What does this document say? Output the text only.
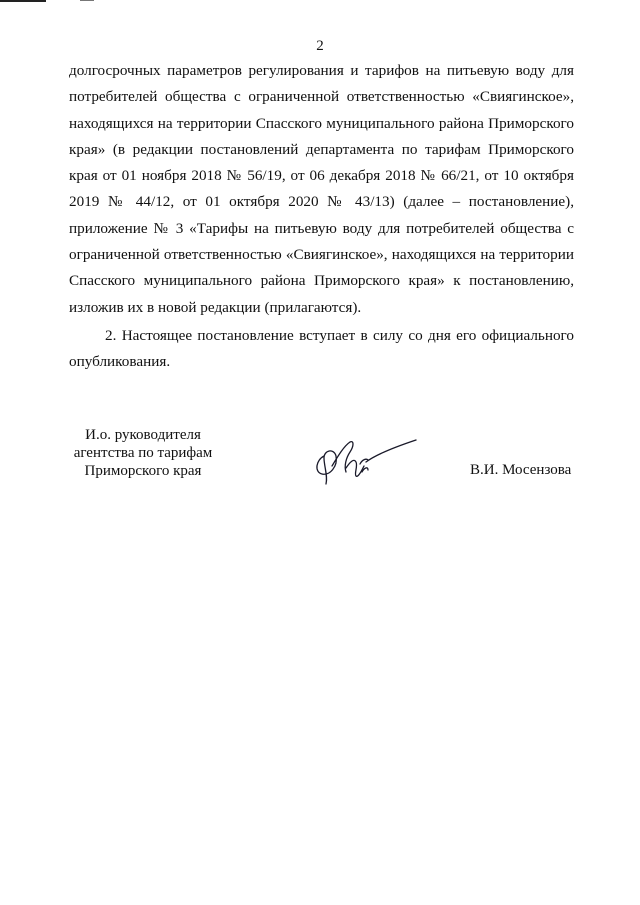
2

долгосрочных параметров регулирования и тарифов на питьевую воду для потребителей общества с ограниченной ответственностью «Свиягинское», находящихся на территории Спасского муниципального района Приморского края» (в редакции постановлений департамента по тарифам Приморского края от 01 ноября 2018 № 56/19, от 06 декабря 2018 № 66/21, от 10 октября 2019 № 44/12, от 01 октября 2020 № 43/13) (далее – постановление), приложение № 3 «Тарифы на питьевую воду для потребителей общества с ограниченной ответственностью «Свиягинское», находящихся на территории Спасского муниципального района Приморского края» к постановлению, изложив их в новой редакции (прилагаются).

2. Настоящее постановление вступает в силу со дня его официального опубликования.

И.о. руководителя
агентства по тарифам
Приморского края	В.И. Мосензова
